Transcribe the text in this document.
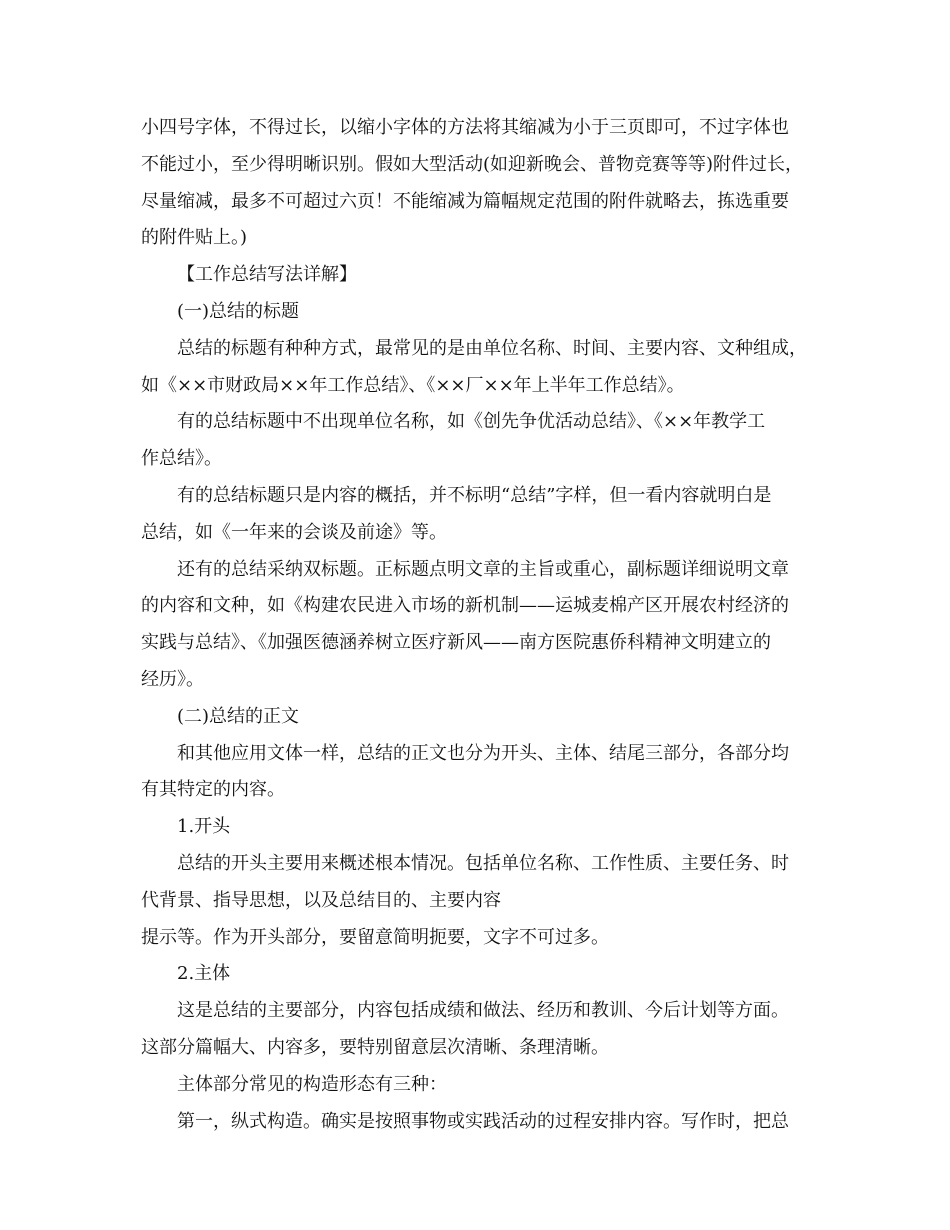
小四号字体，不得过长，以缩小字体的方法将其缩减为小于三页即可，不过字体也
不能过小，至少得明晰识别。假如大型活动(如迎新晚会、普物竞赛等等)附件过长，
尽量缩减，最多不可超过六页！不能缩减为篇幅规定范围的附件就略去，拣选重要
的附件贴上。)

【工作总结写法详解】

(一)总结的标题

总结的标题有种种方式，最常见的是由单位名称、时间、主要内容、文种组成，
如《××市财政局××年工作总结》、《××厂××年上半年工作总结》。

有的总结标题中不出现单位名称，如《创先争优活动总结》、《××年教学工
作总结》。

有的总结标题只是内容的概括，并不标明“总结”字样，但一看内容就明白是
总结，如《一年来的会谈及前途》等。

还有的总结采纳双标题。正标题点明文章的主旨或重心，副标题详细说明文章
的内容和文种，如《构建农民进入市场的新机制——运城麦棉产区开展农村经济的
实践与总结》、《加强医德涵养树立医疗新风——南方医院惠侨科精神文明建立的
经历》。

(二)总结的正文

和其他应用文体一样，总结的正文也分为开头、主体、结尾三部分，各部分均
有其特定的内容。

1.开头

总结的开头主要用来概述根本情况。包括单位名称、工作性质、主要任务、时
代背景、指导思想，以及总结目的、主要内容

提示等。作为开头部分，要留意简明扼要，文字不可过多。

2.主体

这是总结的主要部分，内容包括成绩和做法、经历和教训、今后计划等方面。
这部分篇幅大、内容多，要特别留意层次清晰、条理清晰。

主体部分常见的构造形态有三种：

第一，纵式构造。确实是按照事物或实践活动的过程安排内容。写作时，把总
